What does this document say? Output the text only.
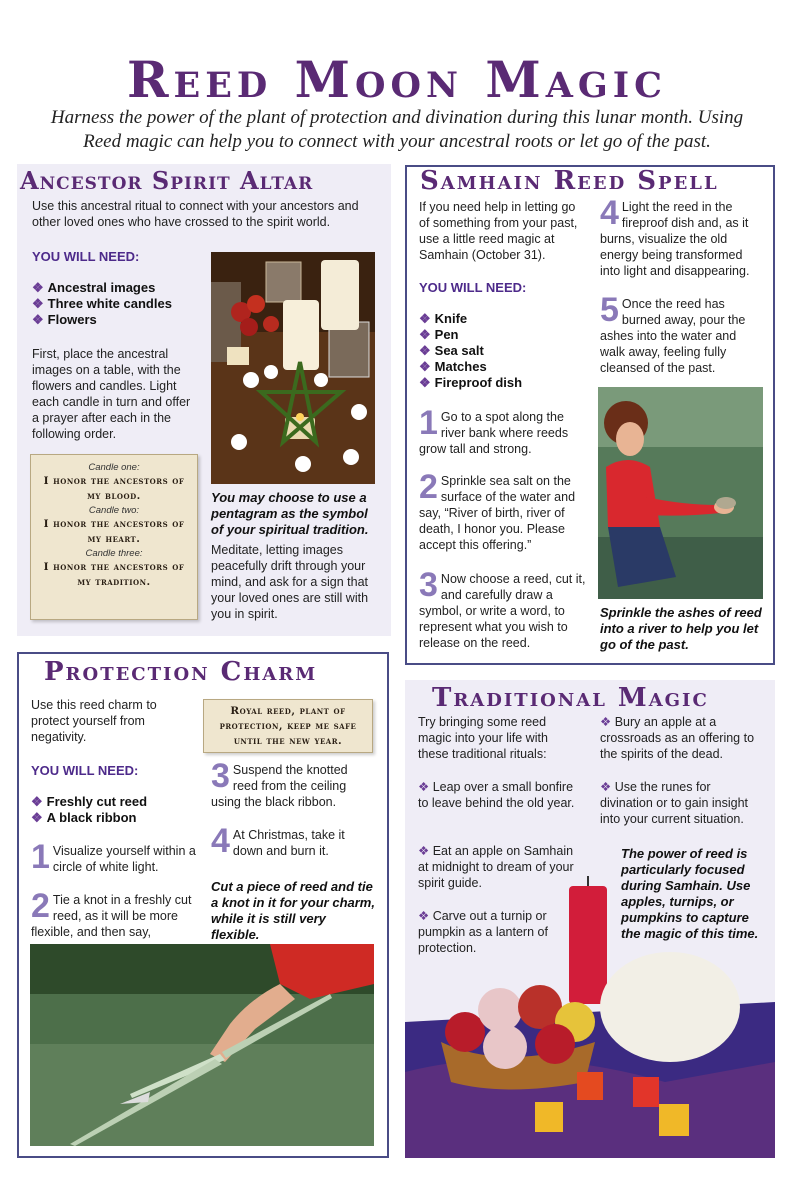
Reed Moon Magic
Harness the power of the plant of protection and divination during this lunar month. Using Reed magic can help you to connect with your ancestral roots or let go of the past.
Ancestor Spirit Altar
Use this ancestral ritual to connect with your ancestors and other loved ones who have crossed to the spirit world.
YOU WILL NEED:
❖ Ancestral images
❖ Three white candles
❖ Flowers
First, place the ancestral images on a table, with the flowers and candles. Light each candle in turn and offer a prayer after each in the following order.
Candle one:
I honor the ancestors of my blood.
Candle two:
I honor the ancestors of my heart.
Candle three:
I honor the ancestors of my tradition.
You may choose to use a pentagram as the symbol of your spiritual tradition.
Meditate, letting images peacefully drift through your mind, and ask for a sign that your loved ones are still with you in spirit.
Samhain Reed Spell
If you need help in letting go of something from your past, use a little reed magic at Samhain (October 31).
YOU WILL NEED:
❖ Knife
❖ Pen
❖ Sea salt
❖ Matches
❖ Fireproof dish
1 Go to a spot along the river bank where reeds grow tall and strong.
2 Sprinkle sea salt on the surface of the water and say, “River of birth, river of death, I honor you. Please accept this offering.”
3 Now choose a reed, cut it, and carefully draw a symbol, or write a word, to represent what you wish to release on the reed.
4 Light the reed in the fireproof dish and, as it burns, visualize the old energy being transformed into light and disappearing.
5 Once the reed has burned away, pour the ashes into the water and walk away, feeling fully cleansed of the past.
Sprinkle the ashes of reed into a river to help you let go of the past.
Protection Charm
Use this reed charm to protect yourself from negativity.
Royal reed, plant of protection, keep me safe until the new year.
YOU WILL NEED:
❖ Freshly cut reed
❖ A black ribbon
1 Visualize yourself within a circle of white light.
2 Tie a knot in a freshly cut reed, as it will be more flexible, and then say,
3 Suspend the knotted reed from the ceiling using the black ribbon.
4 At Christmas, take it down and burn it.
Cut a piece of reed and tie a knot in it for your charm, while it is still very flexible.
Traditional Magic
Try bringing some reed magic into your life with these traditional rituals:
❖ Leap over a small bonfire to leave behind the old year.
❖ Eat an apple on Samhain at midnight to dream of your spirit guide.
❖ Carve out a turnip or pumpkin as a lantern of protection.
❖ Bury an apple at a crossroads as an offering to the spirits of the dead.
❖ Use the runes for divination or to gain insight into your current situation.
The power of reed is particularly focused during Samhain. Use apples, turnips, or pumpkins to capture the magic of this time.
